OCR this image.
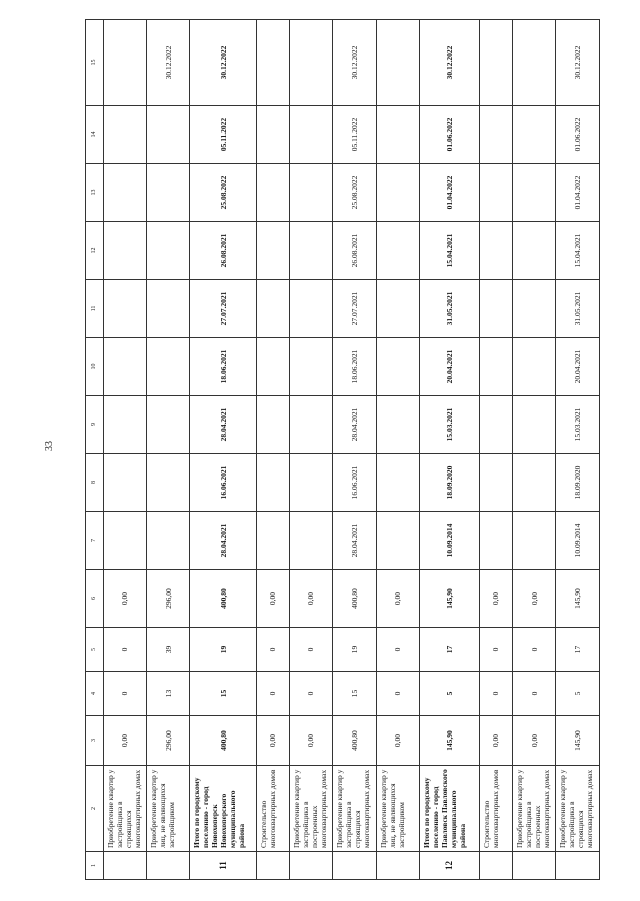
33
1	2	3	4	5	6	7	8	9	10	11	12	13	14	15
	Приобретение квартир у застройщика в строящихся многоквартирных домах	0,00	0	0	0,00									
	Приобретение квартир у лиц, не являющихся застройщиком	296,00	13	39	296,00									30.12.2022
11	Итого по городскому поселению - город Новохоперск Новохоперского муниципального района	400,80	15	19	400,80	28.04.2021	16.06.2021	28.04.2021	18.06.2021	27.07.2021	26.08.2021	25.08.2022	05.11.2022	30.12.2022
	Строительство многоквартирных домов	0,00	0	0	0,00									
	Приобретение квартир у застройщика в построенных многоквартирных домах	0,00	0	0	0,00									
	Приобретение квартир у застройщика в строящихся многоквартирных домах	400,80	15	19	400,80	28.04.2021	16.06.2021	28.04.2021	18.06.2021	27.07.2021	26.08.2021	25.08.2022	05.11.2022	30.12.2022
	Приобретение квартир у лиц, не являющихся застройщиком	0,00	0	0	0,00									
12	Итого по городскому поселению - город Павловск Павловского муниципального района	145,90	5	17	145,90	10.09.2014	18.09.2020	15.03.2021	20.04.2021	31.05.2021	15.04.2021	01.04.2022	01.06.2022	30.12.2022
	Строительство многоквартирных домов	0,00	0	0	0,00									
	Приобретение квартир у застройщика в построенных многоквартирных домах	0,00	0	0	0,00									
	Приобретение квартир у застройщика в строящихся многоквартирных домах	145,90	5	17	145,90	10.09.2014	18.09.2020	15.03.2021	20.04.2021	31.05.2021	15.04.2021	01.04.2022	01.06.2022	30.12.2022
